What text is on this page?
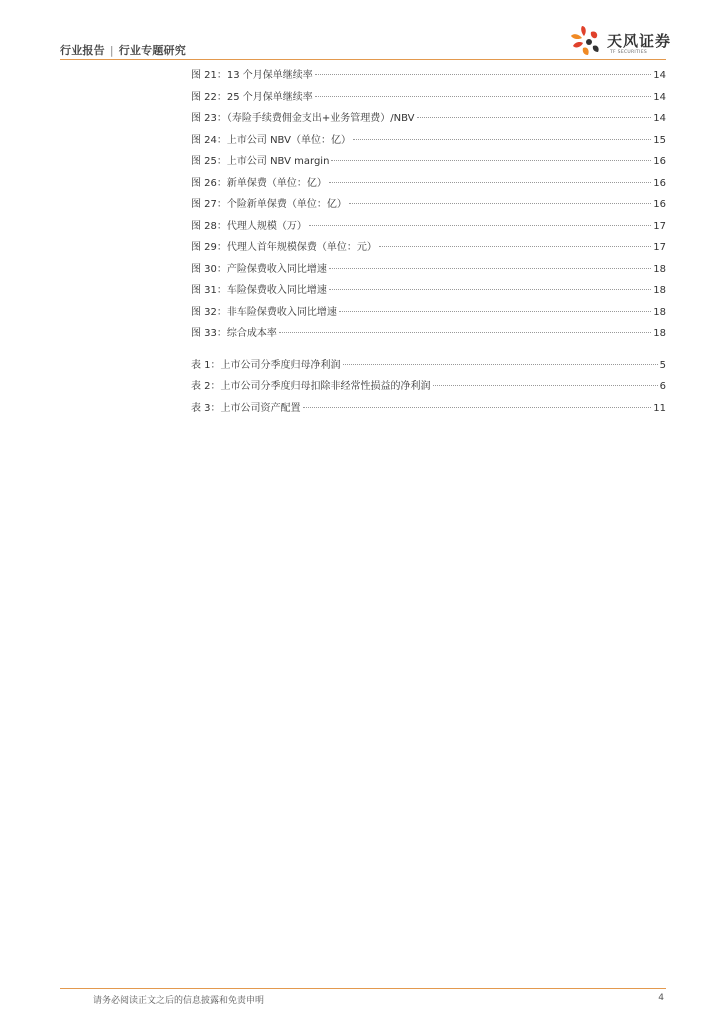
行业报告 | 行业专题研究
天风证券
TF SECURITIES
图 21：13 个月保单继续率	14
图 22：25 个月保单继续率	14
图 23：（寿险手续费佣金支出+业务管理费）/NBV	14
图 24：上市公司 NBV（单位：亿）	15
图 25：上市公司 NBV margin	16
图 26：新单保费（单位：亿）	16
图 27：个险新单保费（单位：亿）	16
图 28：代理人规模（万）	17
图 29：代理人首年规模保费（单位：元）	17
图 30：产险保费收入同比增速	18
图 31：车险保费收入同比增速	18
图 32：非车险保费收入同比增速	18
图 33：综合成本率	18
表 1：上市公司分季度归母净利润	5
表 2：上市公司分季度归母扣除非经常性损益的净利润	6
表 3：上市公司资产配置	11
请务必阅读正文之后的信息披露和免责申明	4
